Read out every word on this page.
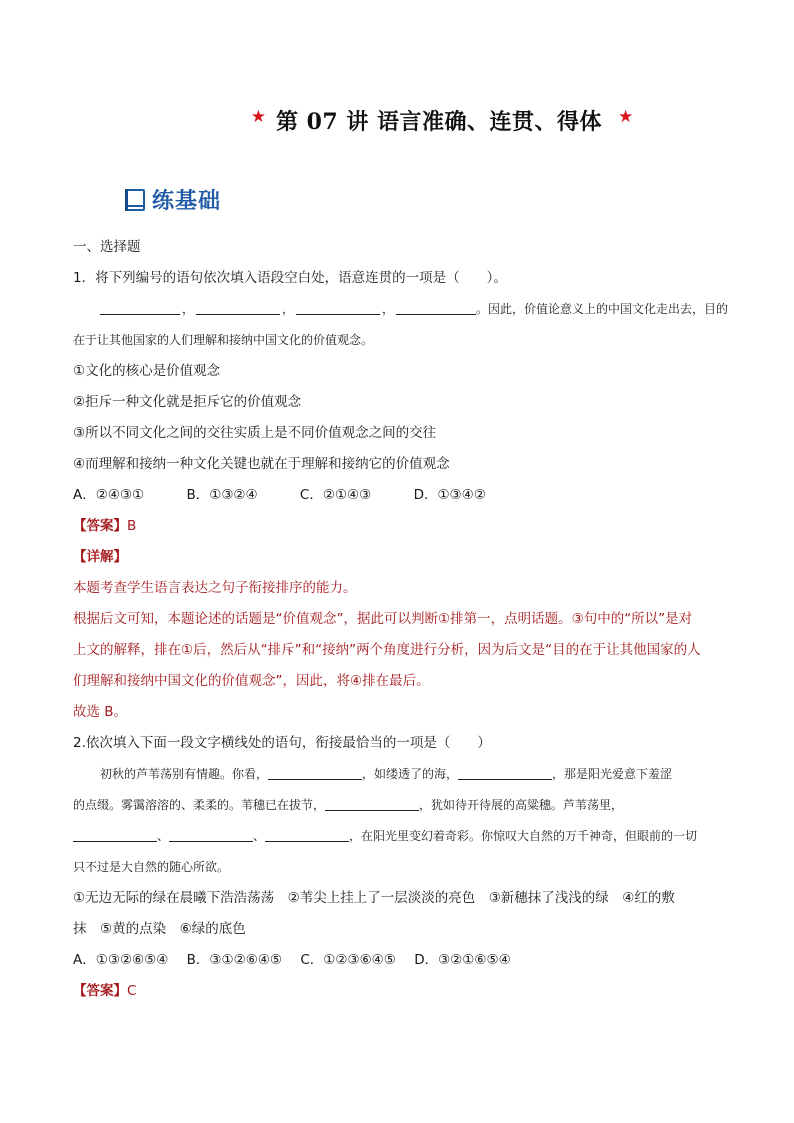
★ 第 07 讲 语言准确、连贯、得体 ★
练基础
一、选择题
1．将下列编号的语句依次填入语段空白处，语意连贯的一项是（　　）。
，	，	，	。因此，价值论意义上的中国文化走出去，目的
在于让其他国家的人们理解和接纳中国文化的价值观念。
①文化的核心是价值观念
②拒斥一种文化就是拒斥它的价值观念
③所以不同文化之间的交往实质上是不同价值观念之间的交往
④而理解和接纳一种文化关键也就在于理解和接纳它的价值观念
A．②④③①	B．①③②④	C．②①④③	D．①③④②
【答案】B
【详解】
本题考查学生语言表达之句子衔接排序的能力。
根据后文可知，本题论述的话题是“价值观念”，据此可以判断①排第一，点明话题。③句中的“所以”是对
上文的解释，排在①后，然后从“排斥”和“接纳”两个角度进行分析，因为后文是“目的在于让其他国家的人
们理解和接纳中国文化的价值观念”，因此，将④排在最后。
故选 B。
2.依次填入下面一段文字横线处的语句，衔接最恰当的一项是（　　）
初秋的芦苇荡别有情趣。你看，	，如缕透了的海，	，那是阳光爱意下羞涩
的点缀。雾霭溶溶的、柔柔的。苇穗已在拔节，	，犹如待开待展的高粱穗。芦苇荡里，
、	、	，在阳光里变幻着奇彩。你惊叹大自然的万千神奇，但眼前的一切
只不过是大自然的随心所欲。
①无边无际的绿在晨曦下浩浩荡荡　②苇尖上挂上了一层淡淡的亮色　③新穗抹了浅浅的绿　④红的敷
抹　⑤黄的点染　⑥绿的底色
A．①③②⑥⑤④ B．③①②⑥④⑤ C．①②③⑥④⑤ D．③②①⑥⑤④
【答案】C
